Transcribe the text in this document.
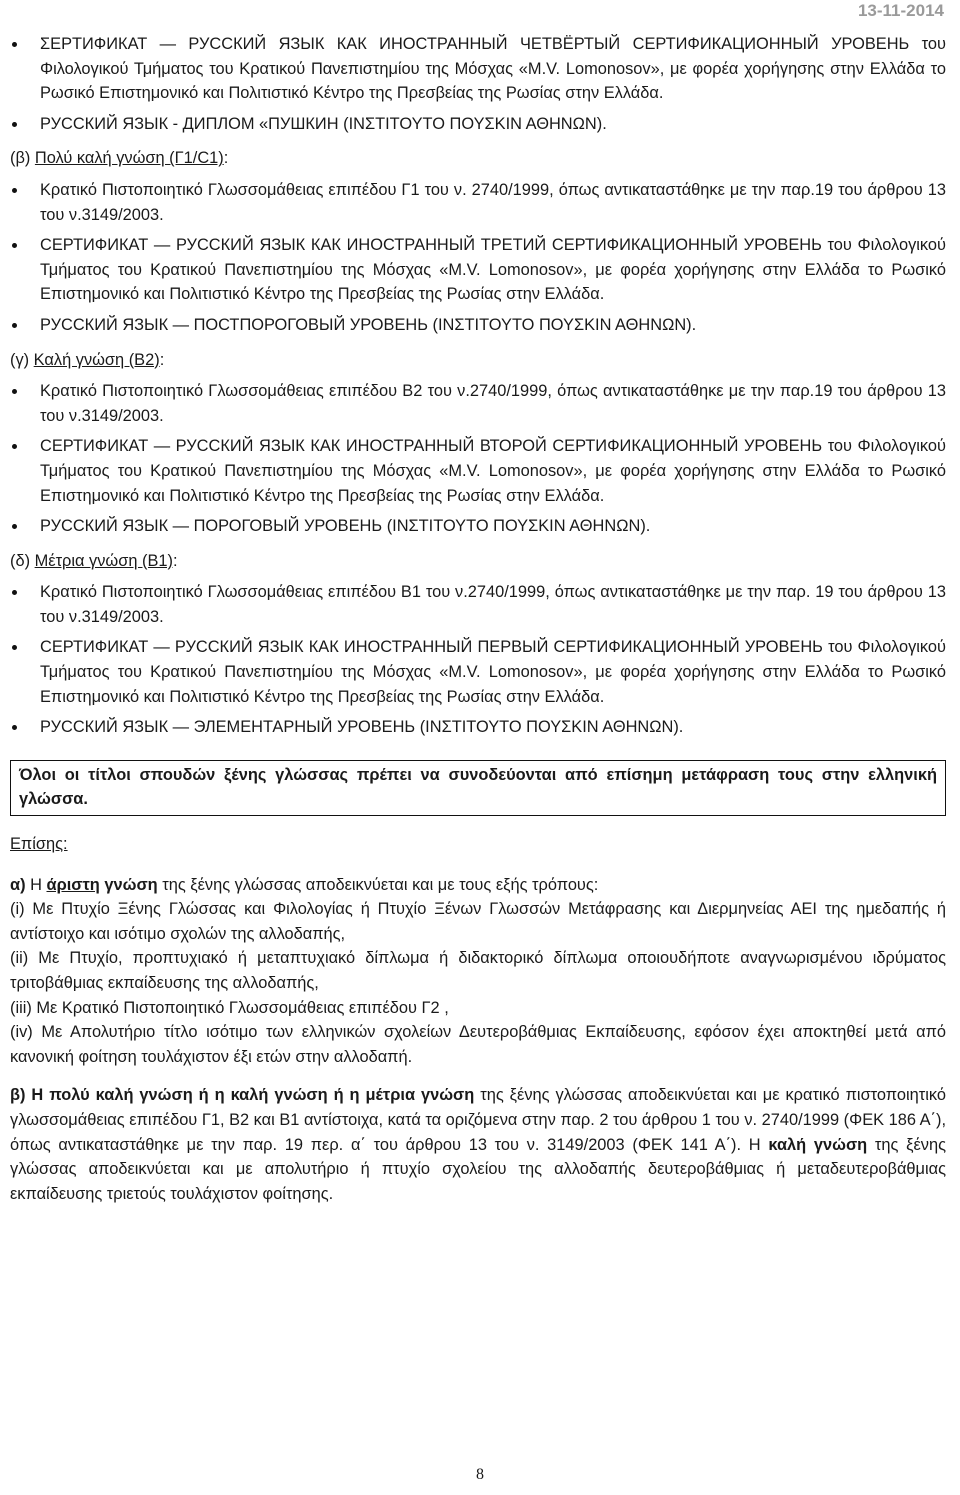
13-11-2014
ΣΕΡΤИФИКАТ — РУССКИЙ ЯЗЫК КАК ИНОСТРАННЫЙ ЧЕТВЁРТЫЙ СЕРТИФИКАЦИОННЫЙ УРОВЕНЬ του Φιλολογικού Τμήματος του Κρατικού Πανεπιστημίου της Μόσχας «M.V. Lomonosov», με φορέα χορήγησης στην Ελλάδα το Ρωσικό Επιστημονικό και Πολιτιστικό Κέντρο της Πρεσβείας της Ρωσίας στην Ελλάδα.
РУССКИЙ ЯЗЫК - ДИПЛОМ «ПУШКИН (ΙΝΣΤΙΤΟΥΤΟ ΠΟΥΣΚΙΝ ΑΘΗΝΩΝ).
(β) Πολύ καλή γνώση (Γ1/C1):
Κρατικό Πιστοποιητικό Γλωσσομάθειας επιπέδου Γ1 του ν. 2740/1999, όπως αντικαταστάθηκε με την παρ.19 του άρθρου 13 του ν.3149/2003.
СЕРТИФИКАТ — РУССКИЙ ЯЗЫК КАК ИНОСТРАННЫЙ ТРЕТИЙ СЕРТИФИКАЦИОННЫЙ УРОВЕНЬ του Φιλολογικού Τμήματος του Κρατικού Πανεπιστημίου της Μόσχας «M.V. Lomonosov», με φορέα χορήγησης στην Ελλάδα το Ρωσικό Επιστημονικό και Πολιτιστικό Κέντρο της Πρεσβείας της Ρωσίας στην Ελλάδα.
РУССКИЙ ЯЗЫК — ПОСТПОРОГОВЫЙ УРОВЕНЬ (ΙΝΣΤΙΤΟΥΤΟ ΠΟΥΣΚΙΝ ΑΘΗΝΩΝ).
(γ) Καλή γνώση (Β2):
Κρατικό Πιστοποιητικό Γλωσσομάθειας επιπέδου Β2 του ν.2740/1999, όπως αντικαταστάθηκε με την παρ.19 του άρθρου 13 του ν.3149/2003.
СЕРТИФИКАТ — РУССКИЙ ЯЗЫК КАК ИНОСТРАННЫЙ ВТОРОЙ СЕРТИФИКАЦИОННЫЙ УРОВЕНЬ του Φιλολογικού Τμήματος του Κρατικού Πανεπιστημίου της Μόσχας «M.V. Lomonosov», με φορέα χορήγησης στην Ελλάδα το Ρωσικό Επιστημονικό και Πολιτιστικό Κέντρο της Πρεσβείας της Ρωσίας στην Ελλάδα.
РУССКИЙ ЯЗЫК — ПОРОГОВЫЙ УРОВЕНЬ (ΙΝΣΤΙΤΟΥΤΟ ΠΟΥΣΚΙΝ ΑΘΗΝΩΝ).
(δ) Μέτρια γνώση (Β1):
Κρατικό Πιστοποιητικό Γλωσσομάθειας επιπέδου Β1 του ν.2740/1999, όπως αντικαταστάθηκε με την παρ. 19 του άρθρου 13 του ν.3149/2003.
СЕРТИФИКАТ — РУССКИЙ ЯЗЫК КАК ИНОСТРАННЫЙ ПЕРВЫЙ СЕРТИФИКАЦИОННЫЙ УРОВЕНЬ του Φιλολογικού Τμήματος του Κρατικού Πανεπιστημίου της Μόσχας «M.V. Lomonosov», με φορέα χορήγησης στην Ελλάδα το Ρωσικό Επιστημονικό και Πολιτιστικό Κέντρο της Πρεσβείας της Ρωσίας στην Ελλάδα.
РУССКИЙ ЯЗЫК — ЭЛЕМЕНТАРНЫЙ УРОВЕНЬ (ΙΝΣΤΙΤΟΥΤΟ ΠΟΥΣΚΙΝ ΑΘΗΝΩΝ).
Όλοι οι τίτλοι σπουδών ξένης γλώσσας πρέπει να συνοδεύονται από επίσημη μετάφραση τους στην ελληνική γλώσσα.
Επίσης:
α) Η άριστη γνώση της ξένης γλώσσας αποδεικνύεται και με τους εξής τρόπους:
(i) Με Πτυχίο Ξένης Γλώσσας και Φιλολογίας ή Πτυχίο Ξένων Γλωσσών Μετάφρασης και Διερμηνείας ΑΕΙ της ημεδαπής ή αντίστοιχο και ισότιμο σχολών της αλλοδαπής,
(ii) Με Πτυχίο, προπτυχιακό ή μεταπτυχιακό δίπλωμα ή διδακτορικό δίπλωμα οποιουδήποτε αναγνωρισμένου ιδρύματος τριτοβάθμιας εκπαίδευσης της αλλοδαπής,
(iii) Με Κρατικό Πιστοποιητικό Γλωσσομάθειας επιπέδου Γ2 ,
(iv) Με Απολυτήριο τίτλο ισότιμο των ελληνικών σχολείων Δευτεροβάθμιας Εκπαίδευσης, εφόσον έχει αποκτηθεί μετά από κανονική φοίτηση τουλάχιστον έξι ετών στην αλλοδαπή.
β) Η πολύ καλή γνώση ή η καλή γνώση ή η μέτρια γνώση της ξένης γλώσσας αποδεικνύεται και με κρατικό πιστοποιητικό γλωσσομάθειας επιπέδου Γ1, Β2 και Β1 αντίστοιχα, κατά τα οριζόμενα στην παρ. 2 του άρθρου 1 του ν. 2740/1999 (ΦΕΚ 186 Α΄), όπως αντικαταστάθηκε με την παρ. 19 περ. α΄ του άρθρου 13 του ν. 3149/2003 (ΦΕΚ 141 Α΄). Η καλή γνώση της ξένης γλώσσας αποδεικνύεται και με απολυτήριο ή πτυχίο σχολείου της αλλοδαπής δευτεροβάθμιας ή μεταδευτεροβάθμιας εκπαίδευσης τριετούς τουλάχιστον φοίτησης.
8
